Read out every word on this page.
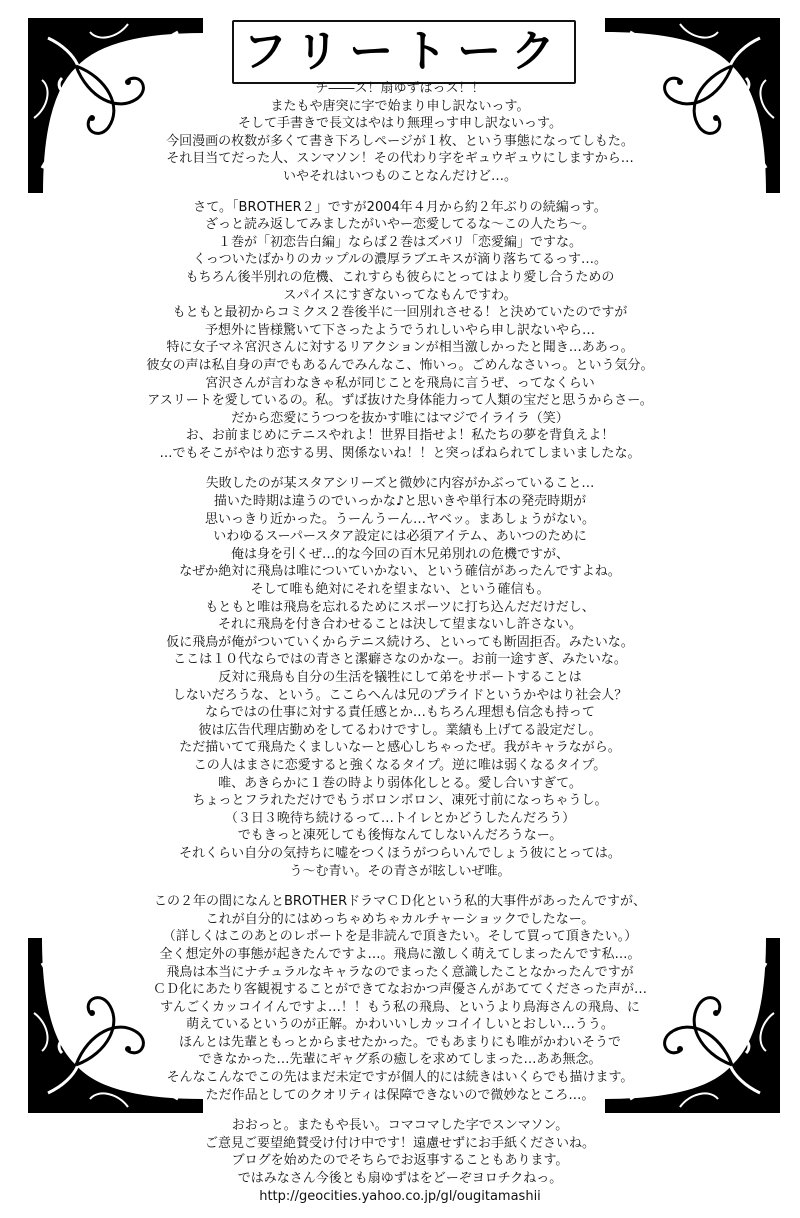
フリートーク
チ――ス！扇ゆずはっス！！
またもや唐突に字で始まり申し訳ないっす。
そして手書きで長文はやはり無理っす申し訳ないっす。
今回漫画の枚数が多くて書き下ろしページが１枚、という事態になってしもた。
それ目当てだった人、スンマソン！その代わり字をギュウギュウにしますから…
いやそれはいつものことなんだけど…。
さて。「BROTHER２」ですが2004年４月から約２年ぶりの続編っす。
ざっと読み返してみましたがいやー恋愛してるな～この人たち～。
１巻が「初恋告白編」ならば２巻はズバリ「恋愛編」ですな。
くっついたばかりのカップルの濃厚ラブエキスが滴り落ちてるっす…。
もちろん後半別れの危機、これすらも彼らにとってはより愛し合うための
スパイスにすぎないってなもんですわ。
もともと最初からコミクス２巻後半に一回別れさせる！と決めていたのですが
予想外に皆様驚いて下さったようでうれしいやら申し訳ないやら…
特に女子マネ宮沢さんに対するリアクションが相当激しかったと聞き…ああっ。
彼女の声は私自身の声でもあるんでみんなこ、怖いっ。ごめんなさいっ。という気分。
宮沢さんが言わなきゃ私が同じことを飛鳥に言うぜ、ってなくらい
アスリートを愛しているの。私。ずば抜けた身体能力って人類の宝だと思うからさー。
だから恋愛にうつつを抜かす唯にはマジでイライラ（笑）
お、お前まじめにテニスやれよ！世界目指せよ！私たちの夢を背負えよ！
…でもそこがやはり恋する男、関係ないね！！と突っぱねられてしまいましたな。
失敗したのが某スタアシリーズと微妙に内容がかぶっていること…
描いた時期は違うのでいっかな♪と思いきや単行本の発売時期が
思いっきり近かった。うーんうーん…ヤベッ。まあしょうがない。
いわゆるスーパースタア設定には必須アイテム、あいつのために
俺は身を引くぜ…的な今回の百木兄弟別れの危機ですが、
なぜか絶対に飛鳥は唯についていかない、という確信があったんですよね。
そして唯も絶対にそれを望まない、という確信も。
もともと唯は飛鳥を忘れるためにスポーツに打ち込んだだけだし、
それに飛鳥を付き合わせることは決して望まないし許さない。
仮に飛鳥が俺がついていくからテニス続けろ、といっても断固拒否。みたいな。
ここは１０代ならではの青さと潔癖さなのかなー。お前一途すぎ、みたいな。
反対に飛鳥も自分の生活を犠牲にして弟をサポートすることは
しないだろうな、という。ここらへんは兄のプライドというかやはり社会人？
ならではの仕事に対する責任感とか…もちろん理想も信念も持って
彼は広告代理店勤めをしてるわけですし。業績も上げてる設定だし。
ただ描いてて飛鳥たくましいなーと感心しちゃったぜ。我がキャラながら。
この人はまさに恋愛すると強くなるタイプ。逆に唯は弱くなるタイプ。
唯、あきらかに１巻の時より弱体化しとる。愛し合いすぎて。
ちょっとフラれただけでもうボロンボロン、凍死寸前になっちゃうし。
（３日３晩待ち続けるって…トイレとかどうしたんだろう）
でもきっと凍死しても後悔なんてしないんだろうなー。
それくらい自分の気持ちに嘘をつくほうがつらいんでしょう彼にとっては。
う～む青い。その青さが眩しいぜ唯。
この２年の間になんとBROTHERドラマＣＤ化という私的大事件があったんですが、
これが自分的にはめっちゃめちゃカルチャーショックでしたなー。
（詳しくはこのあとのレポートを是非読んで頂きたい。そして買って頂きたい。）
全く想定外の事態が起きたんですよ…。飛鳥に激しく萌えてしまったんです私…。
飛鳥は本当にナチュラルなキャラなのでまったく意識したことなかったんですが
ＣＤ化にあたり客観視することができてなおかつ声優さんがあててくださった声が…
すんごくカッコイイんですよ…！！もう私の飛鳥、というより鳥海さんの飛鳥、に
萌えているというのが正解。かわいいしカッコイイしいとおしい…うう。
ほんとは先輩ともっとからませたかった。でもあまりにも唯がかわいそうで
できなかった…先輩にギャグ系の癒しを求めてしまった…ああ無念。
そんなこんなでこの先はまだ未定ですが個人的には続きはいくらでも描けます。
ただ作品としてのクオリティは保障できないので微妙なところ…。
おおっと。またもや長い。コマコマした字でスンマソン。
ご意見ご要望絶賛受け付け中です！遠慮せずにお手紙くださいね。
ブログを始めたのでそちらでお返事することもあります。
ではみなさん今後とも扇ゆずはをどーぞヨロチクねっ。
http://geocities.yahoo.co.jp/gl/ougitamashii
